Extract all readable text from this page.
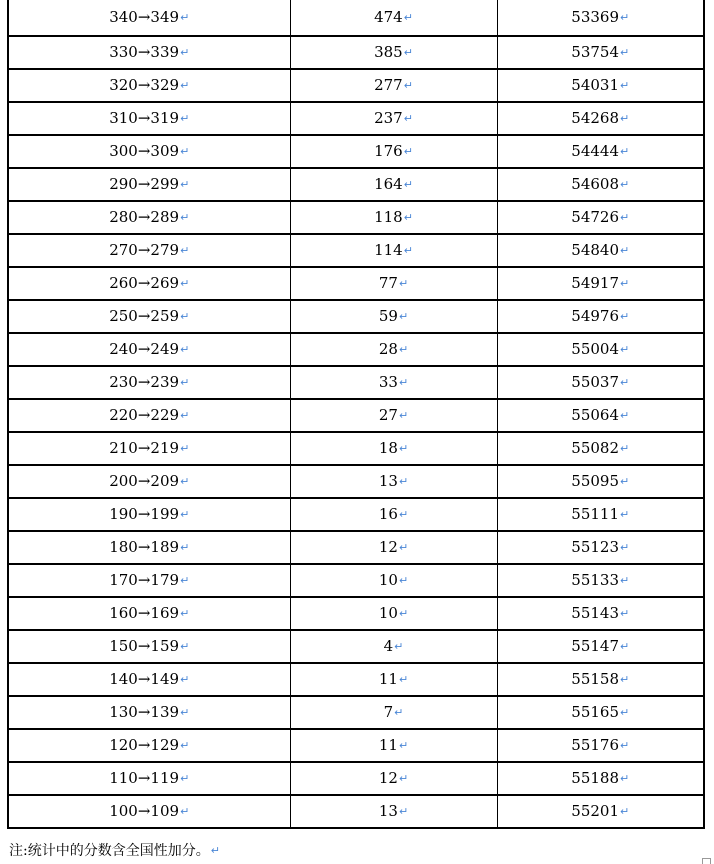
340→349↵	474↵	53369↵
330→339↵	385↵	53754↵
320→329↵	277↵	54031↵
310→319↵	237↵	54268↵
300→309↵	176↵	54444↵
290→299↵	164↵	54608↵
280→289↵	118↵	54726↵
270→279↵	114↵	54840↵
260→269↵	77↵	54917↵
250→259↵	59↵	54976↵
240→249↵	28↵	55004↵
230→239↵	33↵	55037↵
220→229↵	27↵	55064↵
210→219↵	18↵	55082↵
200→209↵	13↵	55095↵
190→199↵	16↵	55111↵
180→189↵	12↵	55123↵
170→179↵	10↵	55133↵
160→169↵	10↵	55143↵
150→159↵	4↵	55147↵
140→149↵	11↵	55158↵
130→139↵	7↵	55165↵
120→129↵	11↵	55176↵
110→119↵	12↵	55188↵
100→109↵	13↵	55201↵
注:统计中的分数含全国性加分。↵
